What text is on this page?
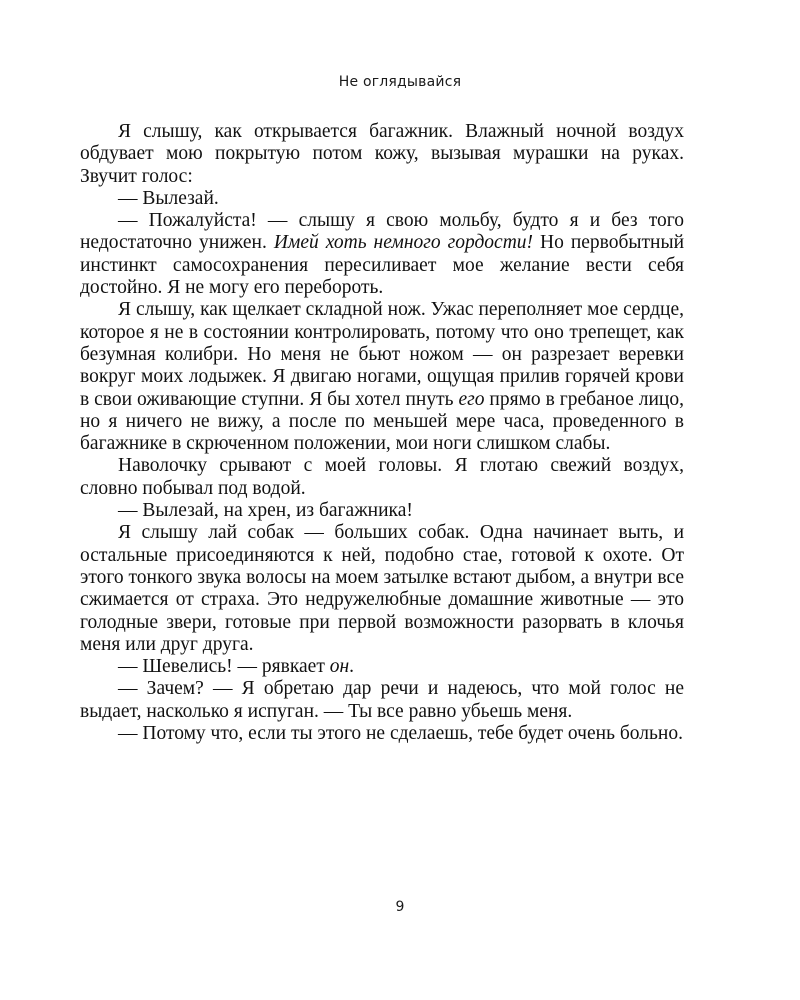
Не оглядывайся

Я слышу, как открывается багажник. Влажный ночной воздух обдувает мою покрытую потом кожу, вызывая мурашки на руках. Звучит голос:

— Вылезай.

— Пожалуйста! — слышу я свою мольбу, будто я и без того недостаточно унижен. Имей хоть немного гордости! Но первобытный инстинкт самосохранения пересиливает мое желание вести себя достойно. Я не могу его перебороть.

Я слышу, как щелкает складной нож. Ужас переполняет мое сердце, которое я не в состоянии контролировать, потому что оно трепещет, как безумная колибри. Но меня не бьют ножом — он разрезает веревки вокруг моих лодыжек. Я двигаю ногами, ощущая прилив горячей крови в свои оживающие ступни. Я бы хотел пнуть его прямо в гребаное лицо, но я ничего не вижу, а после по меньшей мере часа, проведенного в багажнике в скрюченном положении, мои ноги слишком слабы.

Наволочку срывают с моей головы. Я глотаю свежий воздух, словно побывал под водой.

— Вылезай, на хрен, из багажника!

Я слышу лай собак — больших собак. Одна начинает выть, и остальные присоединяются к ней, подобно стае, готовой к охоте. От этого тонкого звука волосы на моем затылке встают дыбом, а внутри все сжимается от страха. Это недружелюбные домашние животные — это голодные звери, готовые при первой возможности разорвать в клочья меня или друг друга.

— Шевелись! — рявкает он.

— Зачем? — Я обретаю дар речи и надеюсь, что мой голос не выдает, насколько я испуган. — Ты все равно убьешь меня.

— Потому что, если ты этого не сделаешь, тебе будет очень больно.

9
